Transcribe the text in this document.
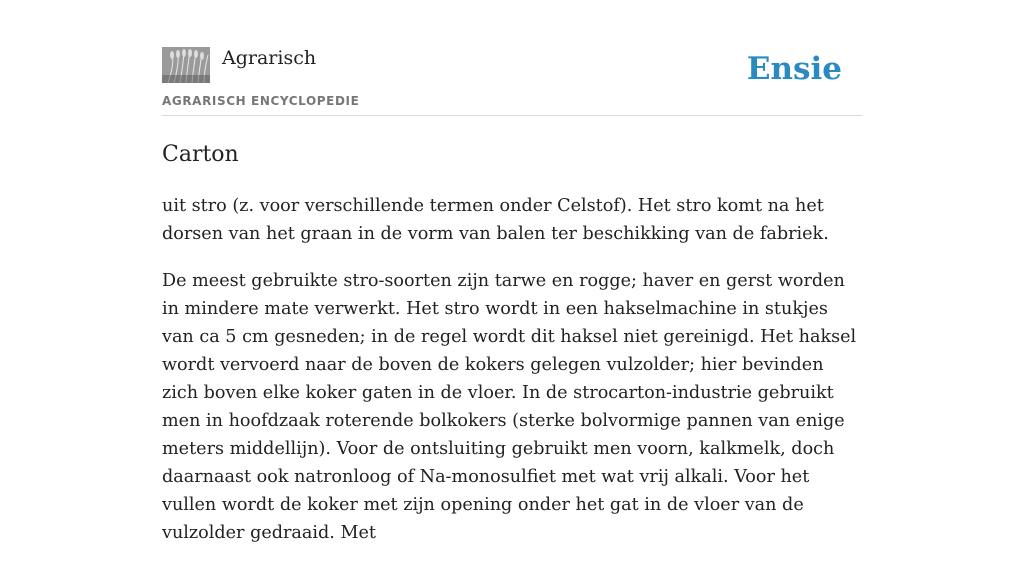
Agrarisch
AGRARISCH ENCYCLOPEDIE
Ensie
Carton

uit stro (z. voor verschillende termen onder Celstof). Het stro komt na het dorsen van het graan in de vorm van balen ter beschikking van de fabriek.

De meest gebruikte stro-soorten zijn tarwe en rogge; haver en gerst worden in mindere mate verwerkt. Het stro wordt in een hakselmachine in stukjes van ca 5 cm gesneden; in de regel wordt dit haksel niet gereinigd. Het haksel wordt vervoerd naar de boven de kokers gelegen vulzolder; hier bevinden zich boven elke koker gaten in de vloer. In de strocarton-industrie gebruikt men in hoofdzaak roterende bolkokers (sterke bolvormige pannen van enige meters middellijn). Voor de ontsluiting gebruikt men voorn, kalkmelk, doch daarnaast ook natronloog of Na-monosulfiet met wat vrij alkali. Voor het vullen wordt de koker met zijn opening onder het gat in de vloer van de vulzolder gedraaid. Met
